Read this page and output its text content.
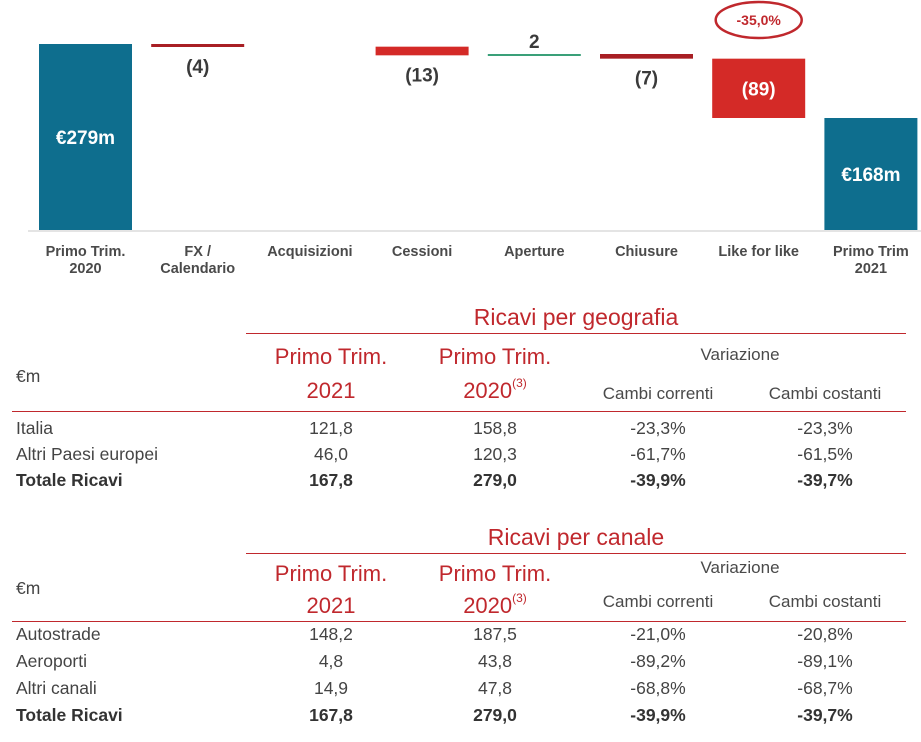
€279m
Primo Trim.
2020
(4)
FX /
Calendario
Acquisizioni
(13)
Cessioni
2
Aperture
(7)
Chiusure
(89)
Like for like
€168m
Primo Trim
2021
-35,0%
Ricavi per geografia
€m
Primo Trim.
2021
Primo Trim.
2020$^{(3)}$
Variazione
Cambi correnti	Cambi costanti
Italia	121,8	158,8	-23,3%	-23,3%
Altri Paesi europei	46,0	120,3	-61,7%	-61,5%
Totale Ricavi	167,8	279,0	-39,9%	-39,7%
Ricavi per canale
€m
Primo Trim.
2021
Primo Trim.
2020$^{(3)}$
Variazione
Cambi correnti	Cambi costanti
Autostrade	148,2	187,5	-21,0%	-20,8%
Aeroporti	4,8	43,8	-89,2%	-89,1%
Altri canali	14,9	47,8	-68,8%	-68,7%
Totale Ricavi	167,8	279,0	-39,9%	-39,7%
